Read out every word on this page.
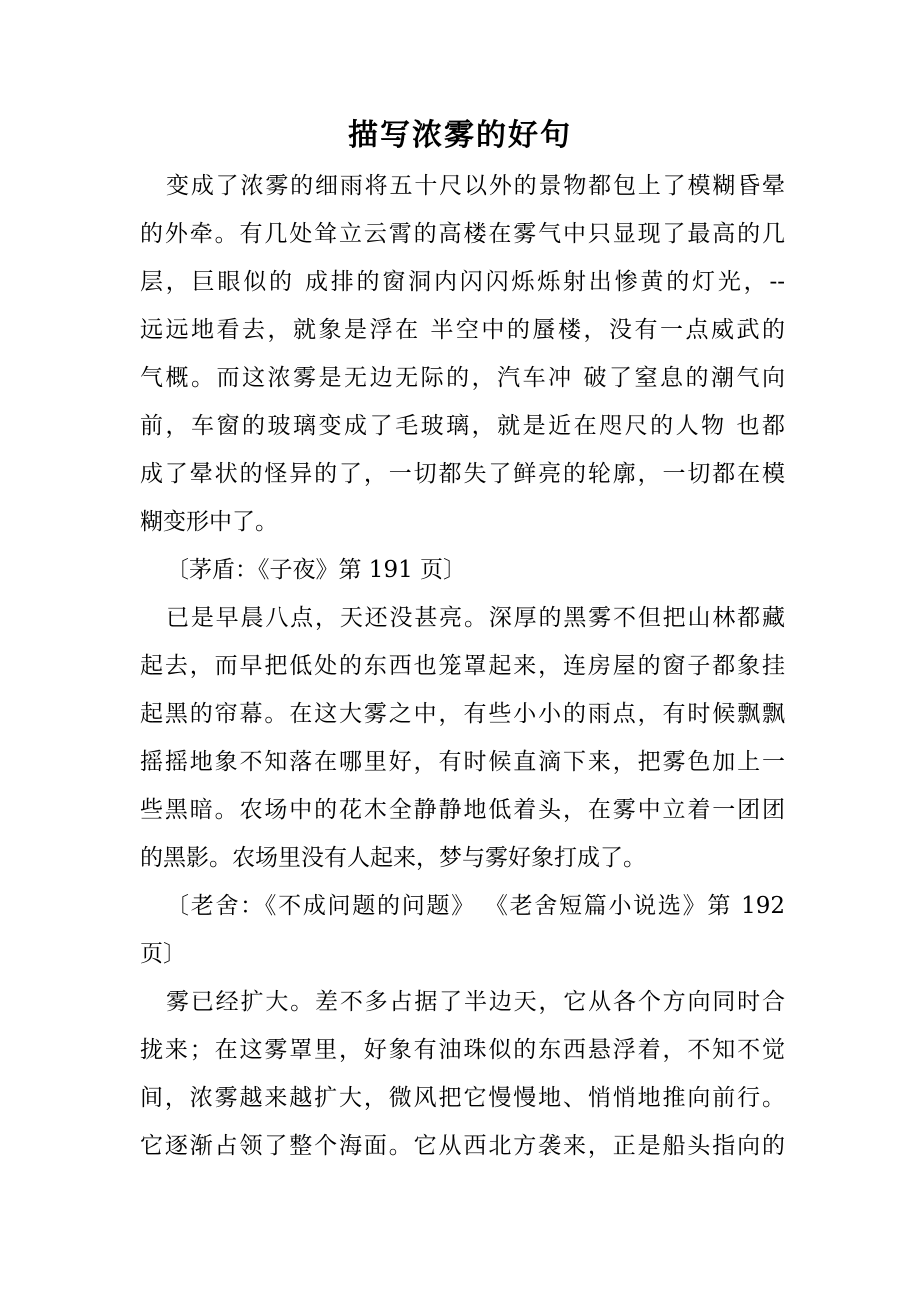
描写浓雾的好句
变成了浓雾的细雨将五十尺以外的景物都包上了模糊昏晕
的外牵。有几处耸立云霄的高楼在雾气中只显现了最高的几
层，巨眼似的 成排的窗洞内闪闪烁烁射出惨黄的灯光，--
远远地看去，就象是浮在 半空中的蜃楼，没有一点威武的
气概。而这浓雾是无边无际的，汽车冲 破了窒息的潮气向
前，车窗的玻璃变成了毛玻璃，就是近在咫尺的人物 也都
成了晕状的怪异的了，一切都失了鲜亮的轮廓，一切都在模
糊变形中了。
〔茅盾：《子夜》第 191 页〕
已是早晨八点，天还没甚亮。深厚的黑雾不但把山林都藏
起去，而早把低处的东西也笼罩起来，连房屋的窗子都象挂
起黑的帘幕。在这大雾之中，有些小小的雨点，有时候飘飘
摇摇地象不知落在哪里好，有时候直滴下来，把雾色加上一
些黑暗。农场中的花木全静静地低着头，在雾中立着一团团
的黑影。农场里没有人起来，梦与雾好象打成了。
〔老舍：《不成问题的问题》 《老舍短篇小说选》第 192
页〕
雾已经扩大。差不多占据了半边天，它从各个方向同时合
拢来；在这雾罩里，好象有油珠似的东西悬浮着，不知不觉
间，浓雾越来越扩大，微风把它慢慢地、悄悄地推向前行。
它逐渐占领了整个海面。它从西北方袭来，正是船头指向的
